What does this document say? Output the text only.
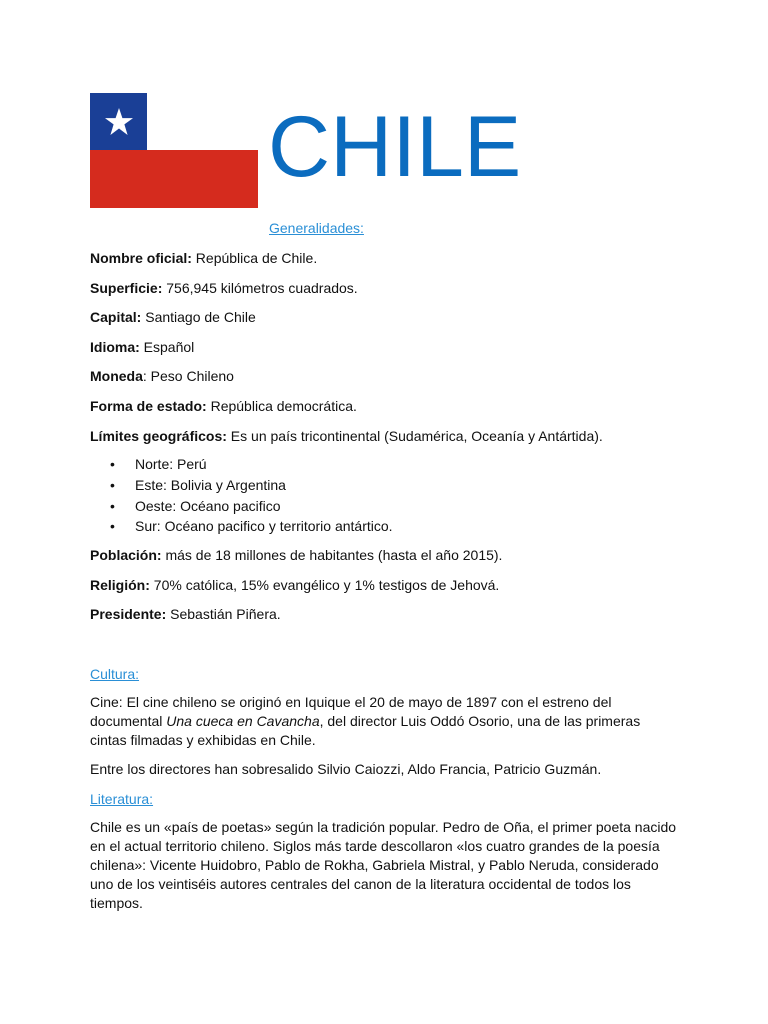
CHILE
Generalidades:

Nombre oficial: República de Chile.

Superficie: 756,945 kilómetros cuadrados.

Capital: Santiago de Chile

Idioma: Español

Moneda: Peso Chileno

Forma de estado: República democrática.

Límites geográficos: Es un país tricontinental (Sudamérica, Oceanía y Antártida).

• Norte: Perú
• Este: Bolivia y Argentina
• Oeste: Océano pacifico
• Sur: Océano pacifico y territorio antártico.

Población: más de 18 millones de habitantes (hasta el año 2015).

Religión: 70% católica, 15% evangélico y 1% testigos de Jehová.

Presidente: Sebastián Piñera.

Cultura:

Cine: El cine chileno se originó en Iquique el 20 de mayo de 1897 con el estreno del documental Una cueca en Cavancha, del director Luis Oddó Osorio, una de las primeras cintas filmadas y exhibidas en Chile.

Entre los directores han sobresalido Silvio Caiozzi, Aldo Francia, Patricio Guzmán.

Literatura:

Chile es un «país de poetas» según la tradición popular. Pedro de Oña, el primer poeta nacido en el actual territorio chileno. Siglos más tarde descollaron «los cuatro grandes de la poesía chilena»: Vicente Huidobro, Pablo de Rokha, Gabriela Mistral, y Pablo Neruda, considerado uno de los veintiséis autores centrales del canon de la literatura occidental de todos los tiempos.
